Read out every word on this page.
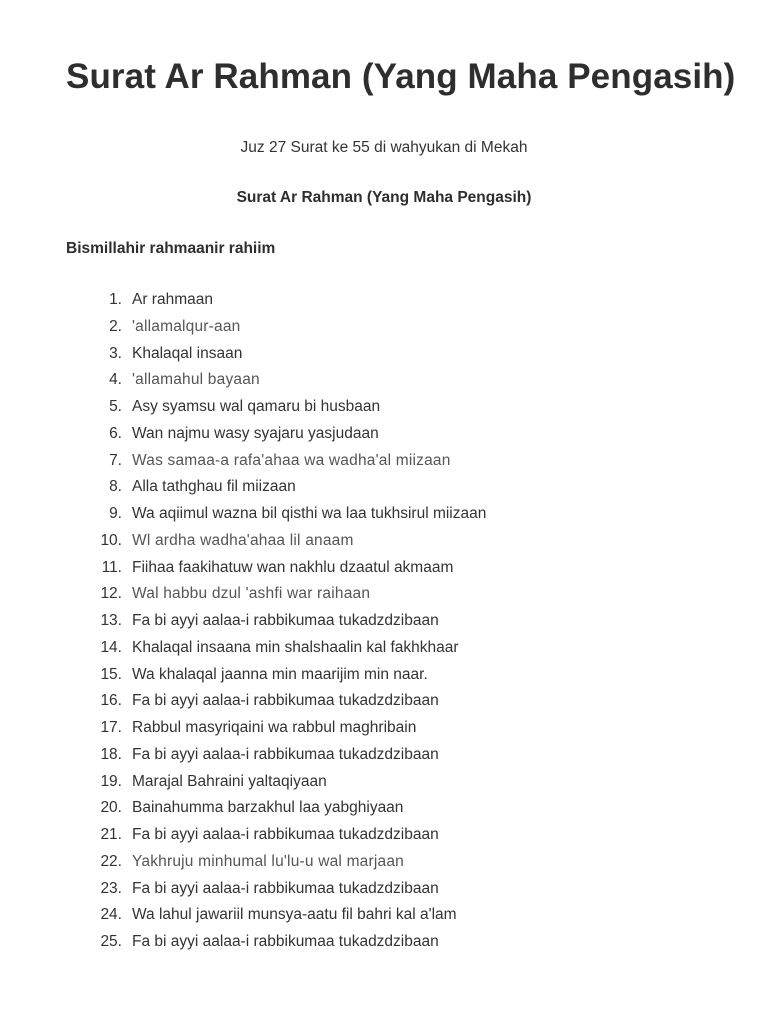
Surat Ar Rahman (Yang Maha Pengasih)
Juz 27 Surat ke 55 di wahyukan di Mekah
Surat Ar Rahman (Yang Maha Pengasih)
Bismillahir rahmaanir rahiim
1. Ar rahmaan
2. 'allamalqur-aan
3. Khalaqal insaan
4. 'allamahul bayaan
5. Asy syamsu wal qamaru bi husbaan
6. Wan najmu wasy syajaru yasjudaan
7. Was samaa-a rafa'ahaa wa wadha'al miizaan
8. Alla tathghau fil miizaan
9. Wa aqiimul wazna bil qisthi wa laa tukhsirul miizaan
10. Wl ardha wadha'ahaa lil anaam
11. Fiihaa faakihatuw wan nakhlu dzaatul akmaam
12. Wal habbu dzul 'ashfi war raihaan
13. Fa bi ayyi aalaa-i rabbikumaa tukadzdzibaan
14. Khalaqal insaana min shalshaalin kal fakhkhaar
15. Wa khalaqal jaanna min maarijim min naar.
16. Fa bi ayyi aalaa-i rabbikumaa tukadzdzibaan
17. Rabbul masyriqaini wa rabbul maghribain
18. Fa bi ayyi aalaa-i rabbikumaa tukadzdzibaan
19. Marajal Bahraini yaltaqiyaan
20. Bainahumma barzakhul laa yabghiyaan
21. Fa bi ayyi aalaa-i rabbikumaa tukadzdzibaan
22. Yakhruju minhumal lu'lu-u wal marjaan
23. Fa bi ayyi aalaa-i rabbikumaa tukadzdzibaan
24. Wa lahul jawariil munsya-aatu fil bahri kal a'lam
25. Fa bi ayyi aalaa-i rabbikumaa tukadzdzibaan
